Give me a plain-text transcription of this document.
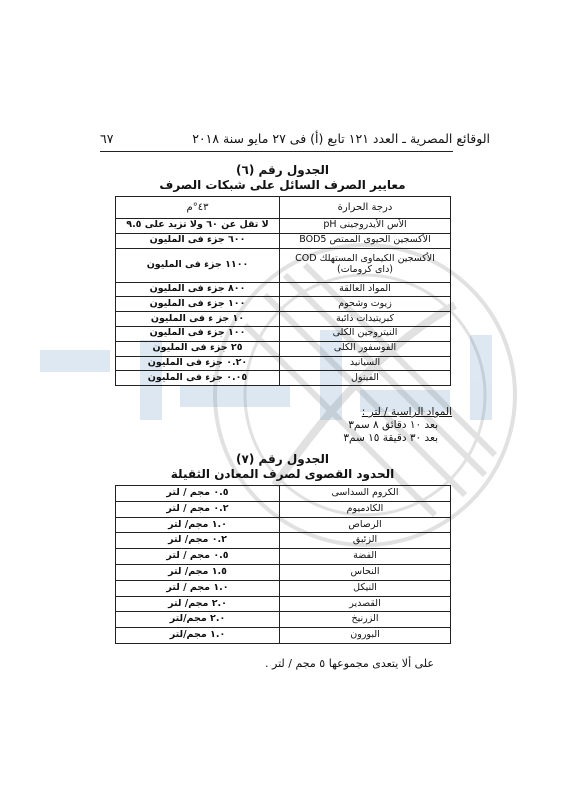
٦٧	الوقائع المصرية ـ العدد ١٢١ تابع (أ) فى ٢٧ مايو سنة ٢٠١٨
الجدول رقم (٦)
معايير الصرف السائل على شبكات الصرف
درجة الحرارة	٤٣°م
الأس الأيدروجينى pH	لا تقل عن ٦٠ ولا تزيد على ٩.٥
الأكسجين الحيوى الممتص BOD5	٦٠٠ جزء فى المليون
الأكسجين الكيماوى المستهلك COD (داى كرومات)	١١٠٠ جزء فى المليون
المواد العالقة	٨٠٠ جزء فى المليون
زيوت وشحوم	١٠٠ جزء فى المليون
كبريتيدات ذائبة	١٠ جز ء فى المليون
النيتروجين الكلى	١٠٠ جزء فى المليون
الفوسفور الكلى	٢٥ جزء فى المليون
السيانيد	٠.٢٠ جزء فى المليون
الفينول	٠.٠٥ جزء فى المليون
المواد الراسبة / لتر :
بعد ١٠ دقائق ٨ سم٣
بعد ٣٠ دقيقة ١٥ سم٣
الجدول رقم (٧)
الحدود القصوى لصرف المعادن الثقيلة
الكروم السداسى	٠.٥ مجم / لتر
الكادميوم	٠.٢ مجم / لتر
الرصاص	١.٠ مجم/ لتر
الزئبق	٠.٢ مجم/ لتر
الفضة	٠.٥ مجم / لتر
النحاس	١.٥ مجم/ لتر
النيكل	١.٠ مجم / لتر
القصدير	٢.٠ مجم/ لتر
الزرنيخ	٢.٠ مجم/لتر
البورون	١.٠ مجم/لتر
على ألا يتعدى مجموعها ٥ مجم / لتر .
